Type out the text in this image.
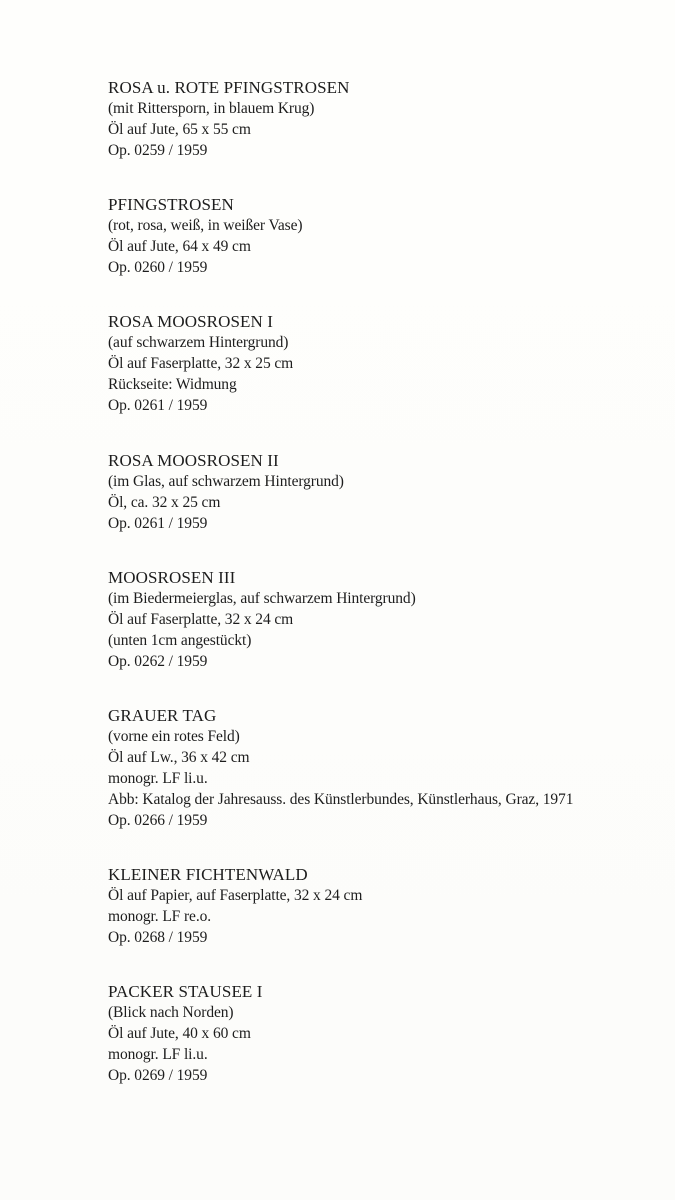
ROSA u. ROTE PFINGSTROSEN
(mit Rittersporn, in blauem Krug)
Öl auf Jute, 65 x 55 cm
Op. 0259 / 1959
PFINGSTROSEN
(rot, rosa, weiß, in weißer Vase)
Öl auf Jute, 64 x 49 cm
Op. 0260 / 1959
ROSA MOOSROSEN I
(auf schwarzem Hintergrund)
Öl auf Faserplatte, 32 x 25 cm
Rückseite: Widmung
Op. 0261 / 1959
ROSA MOOSROSEN II
(im Glas, auf schwarzem Hintergrund)
Öl, ca. 32 x 25 cm
Op. 0261 / 1959
MOOSROSEN III
(im Biedermeierglas, auf schwarzem Hintergrund)
Öl auf Faserplatte, 32 x 24 cm
(unten 1cm angestückt)
Op. 0262 / 1959
GRAUER TAG
(vorne ein rotes Feld)
Öl auf Lw., 36 x 42 cm
monogr. LF li.u.
Abb: Katalog der Jahresauss. des Künstlerbundes, Künstlerhaus, Graz, 1971
Op. 0266 / 1959
KLEINER FICHTENWALD
Öl auf Papier, auf Faserplatte, 32 x 24 cm
monogr. LF re.o.
Op. 0268 / 1959
PACKER STAUSEE I
(Blick nach Norden)
Öl auf Jute, 40 x 60 cm
monogr. LF li.u.
Op. 0269 / 1959
